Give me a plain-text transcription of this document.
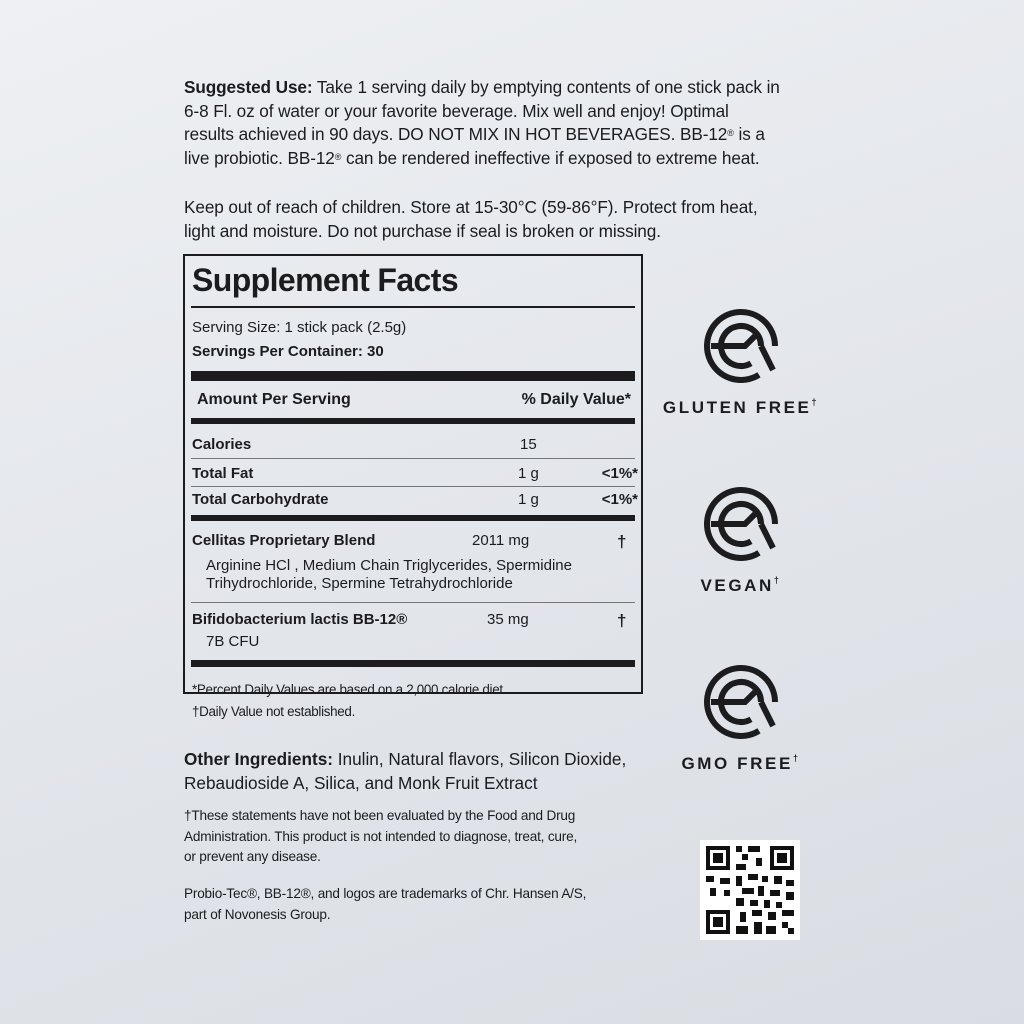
Suggested Use: Take 1 serving daily by emptying contents of one stick pack in
6-8 Fl. oz of water or your favorite beverage. Mix well and enjoy! Optimal
results achieved in 90 days. DO NOT MIX IN HOT BEVERAGES. BB-12® is a
live probiotic. BB-12® can be rendered ineffective if exposed to extreme heat.
Keep out of reach of children. Store at 15-30°C (59-86°F). Protect from heat,
light and moisture. Do not purchase if seal is broken or missing.
Supplement Facts
Serving Size: 1 stick pack (2.5g)
Servings Per Container: 30
Amount Per Serving	% Daily Value*
Calories	15
Total Fat	1 g	<1%*
Total Carbohydrate	1 g	<1%*
Cellitas Proprietary Blend	2011 mg	†
Arginine HCl , Medium Chain Triglycerides, Spermidine
Trihydrochloride, Spermine Tetrahydrochloride
Bifidobacterium lactis BB-12®	35 mg	†
7B CFU
*Percent Daily Values are based on a 2,000 calorie diet.
†Daily Value not established.
Other Ingredients: Inulin, Natural flavors, Silicon Dioxide,
Rebaudioside A, Silica, and Monk Fruit Extract
†These statements have not been evaluated by the Food and Drug
Administration. This product is not intended to diagnose, treat, cure,
or prevent any disease.
Probio-Tec®, BB-12®, and logos are trademarks of Chr. Hansen A/S,
part of Novonesis Group.
GLUTEN FREE†
VEGAN†
GMO FREE†
